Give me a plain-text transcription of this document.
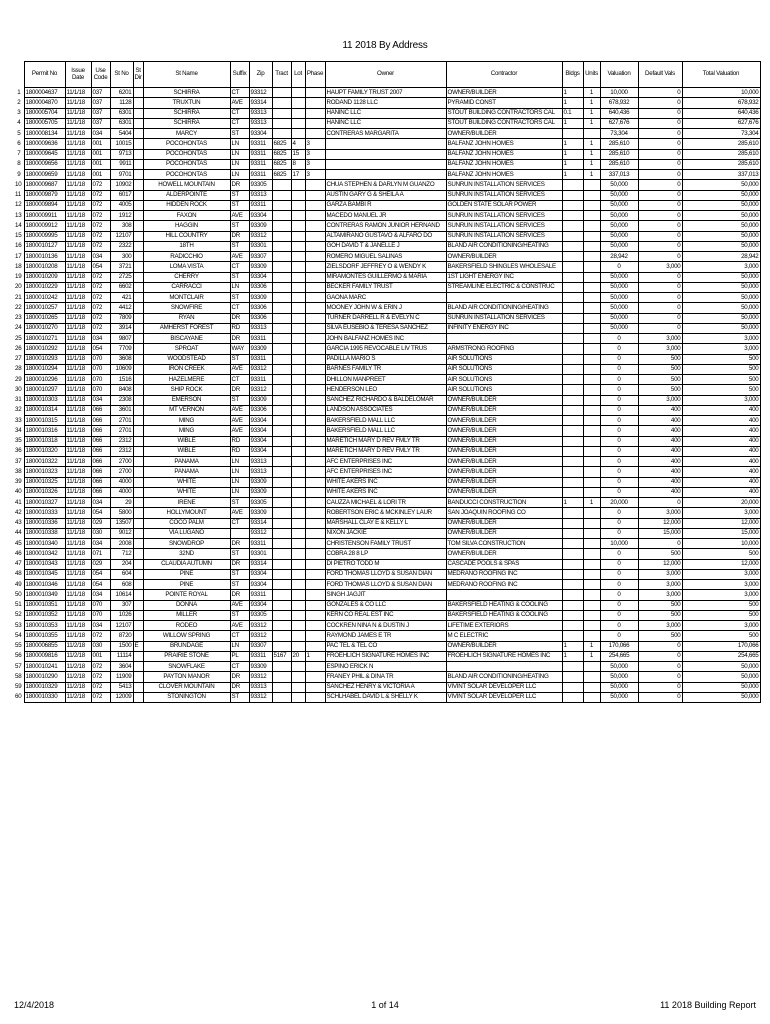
11 2018 By Address
	Permit No	Issue Date	Use Code	St No	St Dir	St Name	Suffix	Zip	Tract	Lot	Phase	Owner	Contractor	Bldgs	Units	Valuation	Default Vals	Total Valuation
1	1800004637	11/1/18	037	6201		SCHIRRA	CT	93312				HAUPT FAMILY TRUST 2007	OWNER/BUILDER	1	1	10,000	0	10,000
2	1800004870	11/1/18	037	1128		TRUXTUN	AVE	93314				RODAND 1128 LLC	PYRAMID CONST	1	1	678,932	0	678,932
3	1800005704	11/1/18	037	6301		SCHIRRA	CT	93313				HANINC LLC	STOUT BUILDING CONTRACTORS CAL	0.1	1	640,436	0	640,436
4	1800005705	11/1/18	037	6301		SCHIRRA	CT	93313				HANINC LLC	STOUT BUILDING CONTRACTORS CAL	1	1	627,676	0	627,676
5	1800008134	11/1/18	034	5404		MARCY	ST	93304				CONTRERAS MARGARITA	OWNER/BUILDER			73,304	0	73,304
6	1800009636	11/1/18	001	10015		POCOHONTAS	LN	93311	6825	4	3		BALFANZ JOHN HOMES	1	1	285,610	0	285,610
7	1800009645	11/1/18	001	9713		POCOHONTAS	LN	93311	6825	15	3		BALFANZ JOHN HOMES	1	1	285,610	0	285,610
8	1800009656	11/1/18	001	9911		POCOHONTAS	LN	93311	6825	8	3		BALFANZ JOHN HOMES	1	1	285,610	0	285,610
9	1800009659	11/1/18	001	9701		POCOHONTAS	LN	93311	6825	17	3		BALFANZ JOHN HOMES	1	1	337,013	0	337,013
10	1800009687	11/1/18	072	10902		HOWELL MOUNTAIN	DR	93305				CHUA STEPHEN & DARLYN M GUANZO	SUNRUN INSTALLATION SERVICES			50,000	0	50,000
11	1800009879	11/1/18	072	6017		ALDERPOINTE	ST	93313				AUSTIN GARY G & SHEILA A	SUNRUN INSTALLATION SERVICES			50,000	0	50,000
12	1800009894	11/1/18	072	4005		HIDDEN ROCK	ST	93311				GARZA BAMBI R	GOLDEN STATE SOLAR POWER			50,000	0	50,000
13	1800009911	11/1/18	072	1912		FAXON	AVE	93304				MACEDO MANUEL JR	SUNRUN INSTALLATION SERVICES			50,000	0	50,000
14	1800009912	11/1/18	072	308		HAGGIN	ST	93309				CONTRERAS RAMON JUNIOR HERNAND	SUNRUN INSTALLATION SERVICES			50,000	0	50,000
15	1800009995	11/1/18	072	12107		HILL COUNTRY	DR	93312				ALTAMIRANO GUSTAVO & ALFARO DO	SUNRUN INSTALLATION SERVICES			50,000	0	50,000
16	1800010127	11/1/18	072	2322		18TH	ST	93301				GOH DAVID T & JANELLE J	BLAND AIR CONDITIONING/HEATING			50,000	0	50,000
17	1800010136	11/1/18	034	300		RADICCHIO	AVE	93307				ROMERO MIGUEL SALINAS	OWNER/BUILDER			28,942	0	28,942
18	1800010208	11/1/18	054	3721		LOMA VISTA	CT	93309				ZIELSDORF JEFFREY O & WENDY K	BAKERSFIELD SHINGLES WHOLESALE			0	3,000	3,000
19	1800010209	11/1/18	072	2725		CHERRY	ST	93304				MIRAMONTES GUILLERMO & MARIA	1ST LIGHT ENERGY INC			50,000	0	50,000
20	1800010229	11/1/18	072	6602		CARRACCI	LN	93306				BECKER FAMILY TRUST	STREAMLINE ELECTRIC & CONSTRUC			50,000	0	50,000
21	1800010242	11/1/18	072	421		MONTCLAIR	ST	93309				GAONA MARC				50,000	0	50,000
22	1800010257	11/1/18	072	4412		SNOWFIRE	CT	93306				MOONEY JOHN W & ERIN J	BLAND AIR CONDITIONING/HEATING			50,000	0	50,000
23	1800010265	11/1/18	072	7809		RYAN	DR	93306				TURNER DARRELL R & EVELYN C	SUNRUN INSTALLATION SERVICES			50,000	0	50,000
24	1800010270	11/1/18	072	3914		AMHERST FOREST	RD	93313				SILVA EUSEBIO & TERESA SANCHEZ	INFINITY ENERGY INC			50,000	0	50,000
25	1800010271	11/1/18	034	9807		BISCAYANE	DR	93311				JOHN BALFANZ HOMES INC				0	3,000	3,000
26	1800010292	11/1/18	054	7709		SPROAT	WAY	93309				GARCIA 1995 REVOCABLE LIV TRUS	ARMSTRONG ROOFING			0	3,000	3,000
27	1800010293	11/1/18	070	3608		WOODSTEAD	ST	93311				PADILLA MARIO S	AIR SOLUTIONS			0	500	500
28	1800010294	11/1/18	070	10609		IRON CREEK	AVE	93312				BARNES FAMILY TR	AIR SOLUTIONS			0	500	500
29	1800010296	11/1/18	070	1516		HAZELMERE	CT	93311				DHILLON MANPREET	AIR SOLUTIONS			0	500	500
30	1800010297	11/1/18	070	8408		SHIP ROCK	DR	93312				HENDERSON LEO	AIR SOLUTIONS			0	500	500
31	1800010303	11/1/18	034	2308		EMERSON	ST	93309				SANCHEZ RICHARDO & BALDELOMAR	OWNER/BUILDER			0	3,000	3,000
32	1800010314	11/1/18	066	3601		MT VERNON	AVE	93306				LANDSON ASSOCIATES	OWNER/BUILDER			0	400	400
33	1800010315	11/1/18	066	2701		MING	AVE	93304				BAKERSFIELD MALL LLC	OWNER/BUILDER			0	400	400
34	1800010316	11/1/18	066	2701		MING	AVE	93304				BAKERSFIELD MALL LLC	OWNER/BUILDER			0	400	400
35	1800010318	11/1/18	066	2312		WIBLE	RD	93304				MARETICH MARY D REV FMLY TR	OWNER/BUILDER			0	400	400
36	1800010320	11/1/18	066	2312		WIBLE	RD	93304				MARETICH MARY D REV FMLY TR	OWNER/BUILDER			0	400	400
37	1800010322	11/1/18	066	2700		PANAMA	LN	93313				AFC ENTERPRISES INC	OWNER/BUILDER			0	400	400
38	1800010323	11/1/18	066	2700		PANAMA	LN	93313				AFC ENTERPRISES INC	OWNER/BUILDER			0	400	400
39	1800010325	11/1/18	066	4000		WHITE	LN	93309				WHITE AKERS INC	OWNER/BUILDER			0	400	400
40	1800010326	11/1/18	066	4000		WHITE	LN	93309				WHITE AKERS INC	OWNER/BUILDER			0	400	400
41	1800010327	11/1/18	034	29		IRENE	ST	93305				CAUZZA MICHAEL & LORI TR	BANDUCCI CONSTRUCTION	1	1	20,000	0	20,000
42	1800010333	11/1/18	054	5800		HOLLYMOUNT	AVE	93309				ROBERTSON ERIC & MCKINLEY LAUR	SAN JOAQUIN ROOFING CO			0	3,000	3,000
43	1800010336	11/1/18	029	13507		COCO PALM	CT	93314				MARSHALL CLAY E & KELLY L	OWNER/BUILDER			0	12,000	12,000
44	1800010338	11/1/18	030	9012		VIA LUGANO		93312				NIXON JACKIE	OWNER/BUILDER			0	15,000	15,000
45	1800010340	11/1/18	034	2008		SNOWDROP	DR	93311				CHRISTENSON FAMILY TRUST	TOM SILVA CONSTRUCTION			10,000	0	10,000
46	1800010342	11/1/18	071	712		32ND	ST	93301				COBRA 28 8 LP	OWNER/BUILDER			0	500	500
47	1800010343	11/1/18	029	204		CLAUDIA AUTUMN	DR	93314				DI PIETRO TODD M	CASCADE POOLS & SPAS			0	12,000	12,000
48	1800010345	11/1/18	054	604		PINE	ST	93304				FORD THOMAS LLOYD & SUSAN DIAN	MEDRANO ROOFING INC			0	3,000	3,000
49	1800010346	11/1/18	054	608		PINE	ST	93304				FORD THOMAS LLOYD & SUSAN DIAN	MEDRANO ROOFING INC			0	3,000	3,000
50	1800010349	11/1/18	034	10614		POINTE ROYAL	DR	93311				SINGH JAGJIT				0	3,000	3,000
51	1800010351	11/1/18	070	307		DONNA	AVE	93304				GONZALES & CO LLC	BAKERSFIELD HEATING & COOLING			0	500	500
52	1800010352	11/1/18	070	1026		MILLER	ST	93305				KERN CO REAL EST INC	BAKERSFIELD HEATING & COOLING			0	500	500
53	1800010353	11/1/18	034	12107		RODEO	AVE	93312				COCKREN NINA N & DUSTIN J	LIFETIME EXTERIORS			0	3,000	3,000
54	1800010355	11/1/18	072	8720		WILLOW SPRING	CT	93312				RAYMOND JAMES E TR	M C ELECTRIC			0	500	500
55	1800006855	11/2/18	030	1500	E	BRUNDAGE	LN	93307				PAC TEL & TEL CO	OWNER/BUILDER	1	1	170,066	0	170,066
56	1800009816	11/2/18	001	11114		PRAIRIE STONE	PL	93311	5167	20	1	FROEHLICH SIGNATURE HOMES INC	FROEHLICH SIGNATURE HOMES INC	1	1	254,665	0	254,665
57	1800010241	11/2/18	072	3604		SNOWFLAKE	CT	93309				ESPINO ERICK N				50,000	0	50,000
58	1800010290	11/2/18	072	11909		PAYTON MANOR	DR	93312				FRANEY PHIL & DINA TR	BLAND AIR CONDITIONING/HEATING			50,000	0	50,000
59	1800010329	11/2/18	072	5413		CLOVER MOUNTAIN	DR	93313				SANCHEZ HENRY & VICTORIA A	VIVINT SOLAR DEVELOPER LLC			50,000	0	50,000
60	1800010330	11/2/18	072	12009		STONINGTON	ST	93312				SCHLHABEL DAVID L & SHELLY K	VIVINT SOLAR DEVELOPER LLC			50,000	0	50,000
12/4/2018	1 of 14	11 2018 Building Report
